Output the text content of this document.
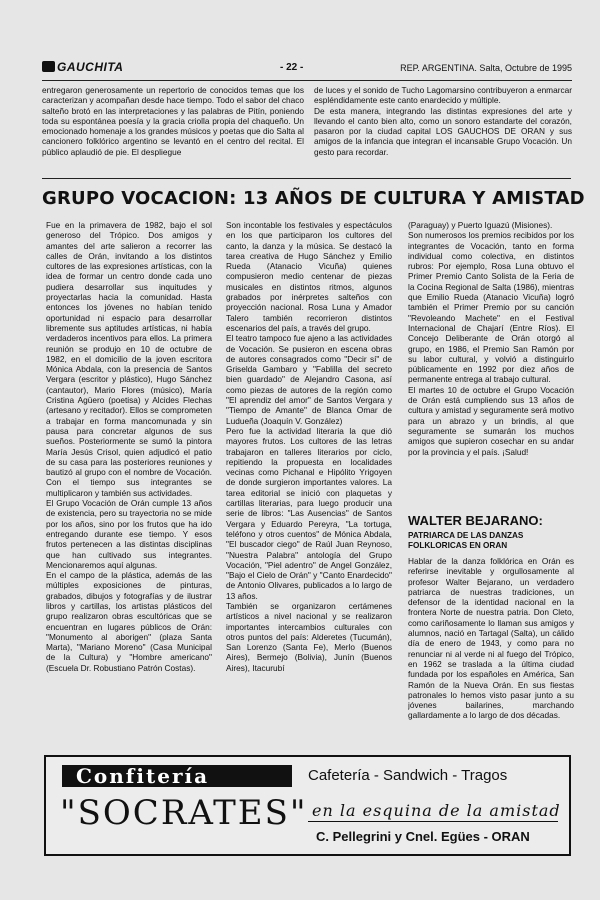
GAUCHITA	- 22 -	REP. ARGENTINA. Salta, Octubre de 1995
entregaron generosamente un repertorio de conocidos temas que los caracterizan y acompañan desde hace tiempo. Todo el sabor del chaco salteño brotó en las interpretaciones y las palabras de Pitín, poniendo toda su espontánea poesía y la gracia criolla propia del chaqueño. Un emocionado homenaje a los grandes músicos y poetas que dio Salta al cancionero folklórico argentino se levantó en el centro del recital. El público aplaudió de pie. El despliegue
de luces y el sonido de Tucho Lagomarsino contribuyeron a enmarcar espléndidamente este canto enardecido y múltiple.
De esta manera, integrando las distintas expresiones del arte y llevando el canto bien alto, como un sonoro estandarte del corazón, pasaron por la ciudad capital LOS GAUCHOS DE ORAN y sus amigos de la infancia que integran el incansable Grupo Vocación. Un gesto para recordar.
GRUPO VOCACION: 13 AÑOS DE CULTURA Y AMISTAD
Fue en la primavera de 1982, bajo el sol generoso del Trópico. Dos amigos y amantes del arte salieron a recorrer las calles de Orán, invitando a los distintos cultores de las expresiones artísticas, con la idea de formar un centro donde cada uno pudiera desarrollar sus inquitudes y proyectarlas hacia la comunidad. Hasta entonces los jóvenes no habían tenido oportunidad ni espacio para desarrollar libremente sus aptitudes artísticas, ni había verdaderos incentivos para ellos. La primera reunión se produjo en 10 de octubre de 1982, en el domicilio de la joven escritora Mónica Abdala, con la presencia de Santos Vergara (escritor y plástico), Hugo Sánchez (cantautor), Mario Flores (músico), María Cristina Agüero (poetisa) y Alcides Flechas (artesano y recitador). Ellos se comprometen a trabajar en forma mancomunada y sin pausa para concretar algunos de sus sueños. Posteriormente se sumó la pintora María Jesús Crisol, quien adjudicó el patio de su casa para las posteriores reuniones y bautizó al grupo con el nombre de Vocación. Con el tiempo sus integrantes se multiplicaron y también sus actividades.
El Grupo Vocación de Orán cumple 13 años de existencia, pero su trayectoria no se mide por los años, sino por los frutos que ha ido entregando durante ese tiempo. Y esos frutos pertenecen a las distintas disciplinas que han cultivado sus integrantes. Mencionaremos aquí algunas.
En el campo de la plástica, además de las múltiples exposiciones de pinturas, grabados, dibujos y fotografías y de ilustrar libros y cartillas, los artistas plásticos del grupo realizaron obras escultóricas que se encuentran en lugares públicos de Orán: "Monumento al aborigen" (plaza Santa Marta), "Mariano Moreno" (Casa Municipal de la Cultura) y "Hombre americano" (Escuela Dr. Robustiano Patrón Costas).
Son incontable los festivales y espectáculos en los que participaron los cultores del canto, la danza y la música. Se destacó la tarea creativa de Hugo Sánchez y Emilio Rueda (Atanacio Vicuña) quienes compusieron medio centenar de piezas musicales en distintos ritmos, algunos grabados por inérpretes salteños con proyección nacional. Rosa Luna y Amador Talero también recorrieron distintos escenarios del país, a través del grupo.
El teatro tampoco fue ajeno a las actividades de Vocación. Se pusieron en escena obras de autores consagrados como "Decir sí" de Griselda Gambaro y "Fablilla del secreto bien guardado" de Alejandro Casona, así como piezas de autores de la región como "El aprendiz del amor" de Santos Vergara y "Tiempo de Amante" de Blanca Omar de Ludueña (Joaquín V. González)
Pero fue la actividad literaria la que dió mayores frutos. Los cultores de las letras trabajaron en talleres literarios por ciclo, repitiendo la propuesta en localidades vecinas como Pichanal e Hipólito Yrigoyen de donde surgieron importantes valores. La tarea editorial se inició con plaquetas y cartillas literarias, para luego producir una serie de libros: "Las Ausencias" de Santos Vergara y Eduardo Pereyra, "La tortuga, teléfono y otros cuentos" de Mónica Abdala, "El buscador ciego" de Raúl Juan Reynoso, "Nuestra Palabra" antología del Grupo Vocación, "Piel adentro" de Angel González, "Bajo el Cielo de Orán" y "Canto Enardecido" de Antonio Olivares, publicados a lo largo de 13 años.
También se organizaron certámenes artísticos a nivel nacional y se realizaron importantes intercambios culturales con otros puntos del país: Alderetes (Tucumán), San Lorenzo (Santa Fe), Merlo (Buenos Aires), Bermejo (Bolivia), Junín (Buenos Aires), Itacurubí
(Paraguay) y Puerto Iguazú (Misiones).
Son numerosos los premios recibidos por los integrantes de Vocación, tanto en forma individual como colectiva, en distintos rubros: Por ejemplo, Rosa Luna obtuvo el Primer Premio Canto Solista de la Feria de la Cocina Regional de Salta (1986), mientras que Emilio Rueda (Atanacio Vicuña) logró también el Primer Premio por su canción "Revoleando Machete" en el Festival Internacional de Chajarí (Entre Ríos). El Concejo Deliberante de Orán otorgó al grupo, en 1986, el Premio San Ramón por su labor cultural, y volvió a distinguirlo públicamente en 1992 por diez años de permanente entrega al trabajo cultural.
El martes 10 de octubre el Grupo Vocación de Orán está cumpliendo sus 13 años de cultura y amistad y seguramente será motivo para un abrazo y un brindis, al que seguramente se sumarán los muchos amigos que supieron cosechar en su andar por la provincia y el país. ¡Salud!
WALTER BEJARANO:
PATRIARCA DE LAS DANZAS FOLKLORICAS EN ORAN
Hablar de la danza folklórica en Orán es referirse inevitable y orgullosamente al profesor Walter Bejarano, un verdadero patriarca de nuestras tradiciones, un defensor de la identidad nacional en la frontera Norte de nuestra patria. Don Cleto, como cariñosamente lo llaman sus amigos y alumnos, nació en Tartagal (Salta), un cálido día de enero de 1943, y como para no renunciar ni al verde ni al fuego del Trópico, en 1962 se traslada a la última ciudad fundada por los españoles en América, San Ramón de la Nueva Orán. En sus fiestas patronales lo hemos visto pasar junto a su jóvenes bailarines, marchando gallardamente a lo largo de dos décadas.
Confitería	Cafetería - Sandwich - Tragos
"SOCRATES" en la esquina de la amistad
C. Pellegrini y Cnel. Egües - ORAN
